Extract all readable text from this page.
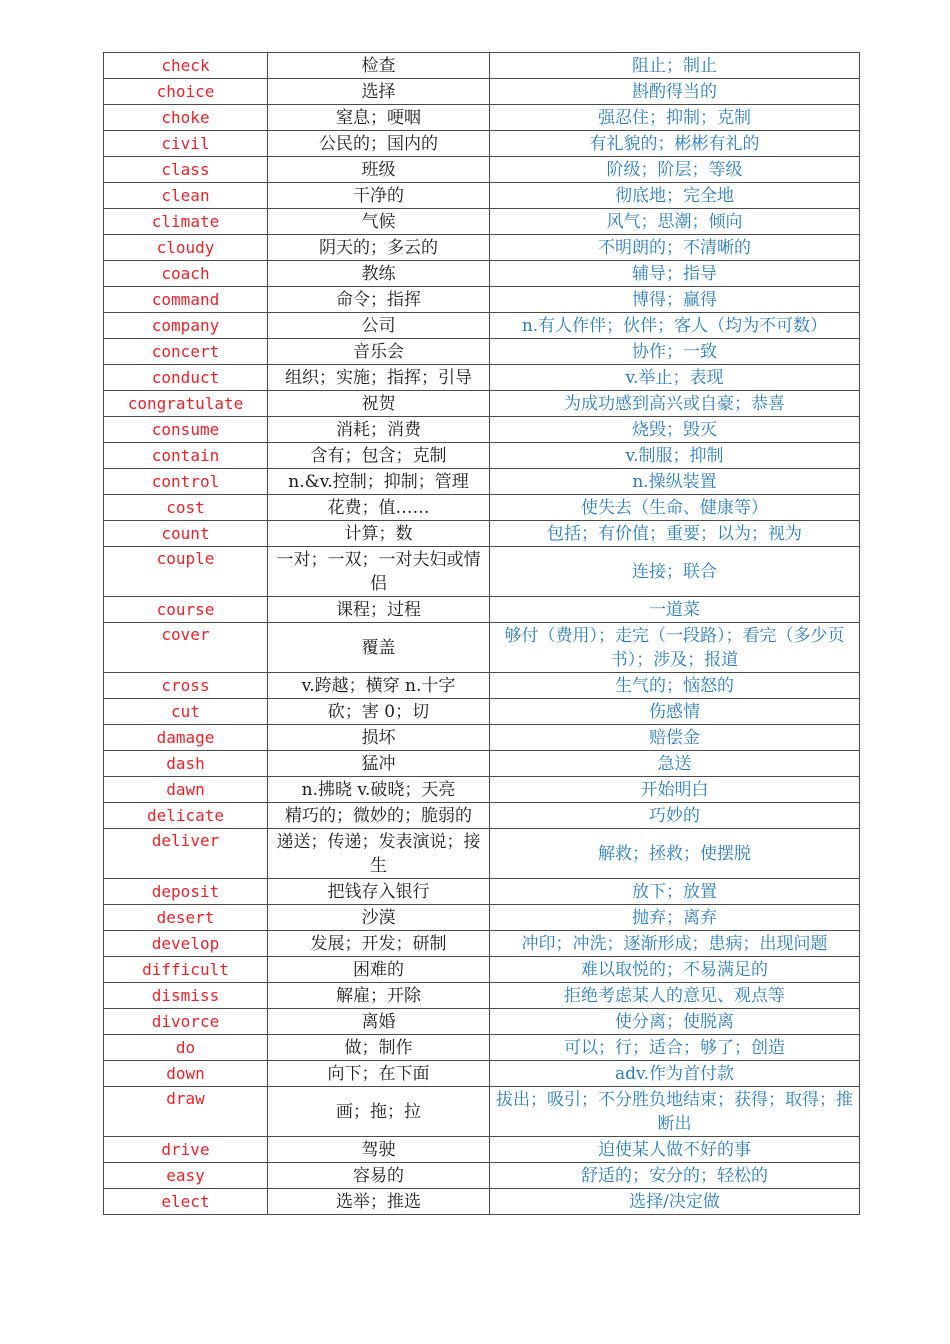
check	检查	阻止；制止
choice	选择	斟酌得当的
choke	窒息；哽咽	强忍住；抑制；克制
civil	公民的；国内的	有礼貌的；彬彬有礼的
class	班级	阶级；阶层；等级
clean	干净的	彻底地；完全地
climate	气候	风气；思潮；倾向
cloudy	阴天的；多云的	不明朗的；不清晰的
coach	教练	辅导；指导
command	命令；指挥	博得；赢得
company	公司	n.有人作伴；伙伴；客人（均为不可数）
concert	音乐会	协作；一致
conduct	组织；实施；指挥；引导	v.举止；表现
congratulate	祝贺	为成功感到高兴或自豪；恭喜
consume	消耗；消费	烧毁；毁灭
contain	含有；包含；克制	v.制服；抑制
control	n.&v.控制；抑制；管理	n.操纵装置
cost	花费；值……	使失去（生命、健康等）
count	计算；数	包括；有价值；重要；以为；视为
couple	一对；一双；一对夫妇或情侣	连接；联合
course	课程；过程	一道菜
cover	覆盖	够付（费用）；走完（一段路）；看完（多少页书）；涉及；报道
cross	v.跨越；横穿 n.十字	生气的；恼怒的
cut	砍；害 0；切	伤感情
damage	损坏	赔偿金
dash	猛冲	急送
dawn	n.拂晓 v.破晓；天亮	开始明白
delicate	精巧的；微妙的；脆弱的	巧妙的
deliver	递送；传递；发表演说；接生	解救；拯救；使摆脱
deposit	把钱存入银行	放下；放置
desert	沙漠	抛弃；离弃
develop	发展；开发；研制	冲印；冲洗；逐渐形成；患病；出现问题
difficult	困难的	难以取悦的；不易满足的
dismiss	解雇；开除	拒绝考虑某人的意见、观点等
divorce	离婚	使分离；使脱离
do	做；制作	可以；行；适合；够了；创造
down	向下；在下面	adv.作为首付款
draw	画；拖；拉	拔出；吸引；不分胜负地结束；获得；取得；推断出
drive	驾驶	迫使某人做不好的事
easy	容易的	舒适的；安分的；轻松的
elect	选举；推选	选择/决定做
